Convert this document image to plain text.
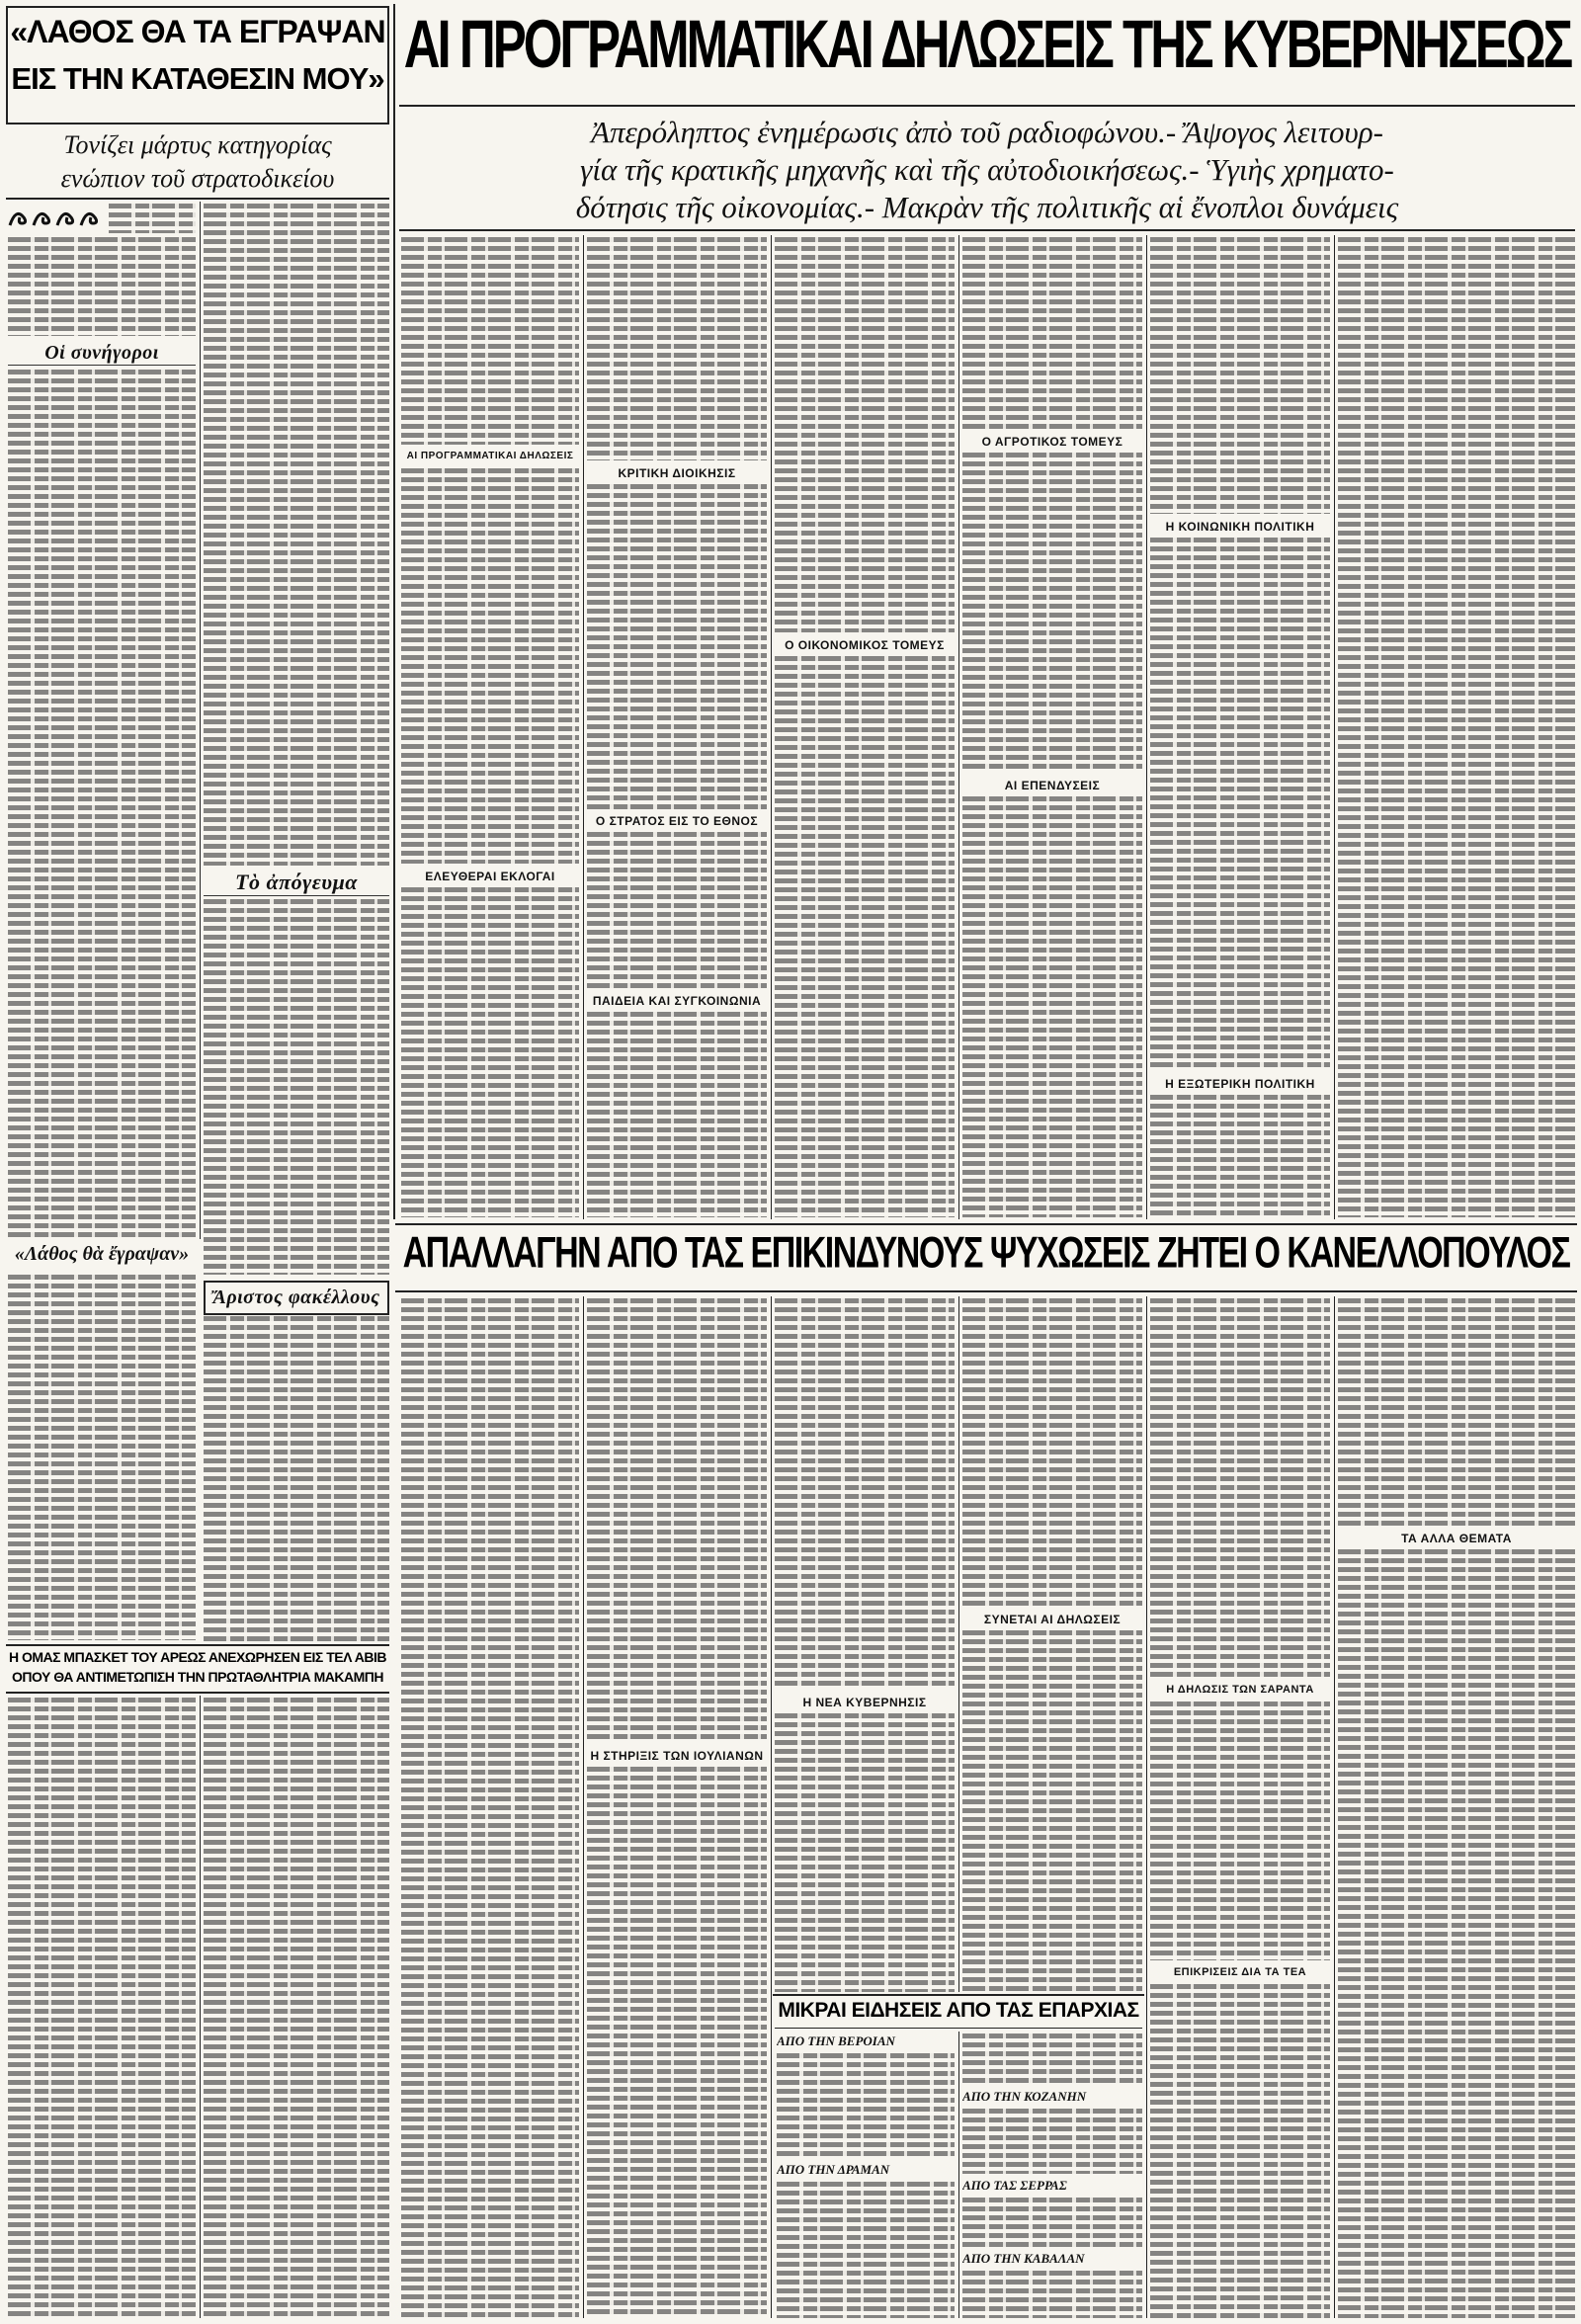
«ΛΑΘΟΣ ΘΑ ΤΑ ΕΓΡΑΨΑΝ
ΕΙΣ ΤΗΝ ΚΑΤΑΘΕΣΙΝ ΜΟΥ»
Τονίζει μάρτυς κατηγορίας
ενώπιον τοῦ στρατοδικείου
ΑΙ ΠΡΟΓΡΑΜΜΑΤΙΚΑΙ ΔΗΛΩΣΕΙΣ ΤΗΣ ΚΥΒΕΡΝΗΣΕΩΣ
Ἀπερόληπτος ἐνημέρωσις ἀπὸ τοῦ ραδιοφώνου.- Ἄψογος λειτουρ-
γία τῆς κρατικῆς μηχανῆς καὶ τῆς αὐτοδιοικήσεως.- Ὑγιὴς χρηματο-
δότησις τῆς οἰκονομίας.- Μακρὰν τῆς πολιτικῆς αἱ ἔνοπλοι δυνάμεις
Οἱ συνήγοροι
Τὸ ἀπόγευμα
«Λάθος θὰ ἔγραψαν»
Ἄριστος φακέλλους
Η ΟΜΑΣ ΜΠΑΣΚΕΤ ΤΟΥ ΑΡΕΩΣ ΑΝΕΧΩΡΗΣΕΝ ΕΙΣ ΤΕΛ ΑΒΙΒ
ΟΠΟΥ ΘΑ ΑΝΤΙΜΕΤΩΠΙΣΗ ΤΗΝ ΠΡΩΤΑΘΛΗΤΡΙΑ ΜΑΚΑΜΠΗ
ΑΙ ΠΡΟΓΡΑΜΜΑΤΙΚΑΙ ΔΗΛΩΣΕΙΣ
ΕΛΕΥΘΕΡΑΙ ΕΚΛΟΓΑΙ
ΚΡΙΤΙΚΗ ΔΙΟΙΚΗΣΙΣ
Ο ΣΤΡΑΤΟΣ ΕΙΣ ΤΟ ΕΘΝΟΣ
ΠΑΙΔΕΙΑ ΚΑΙ ΣΥΓΚΟΙΝΩΝΙΑ
Ο ΟΙΚΟΝΟΜΙΚΟΣ ΤΟΜΕΥΣ
Ο ΑΓΡΟΤΙΚΟΣ ΤΟΜΕΥΣ
ΑΙ ΕΠΕΝΔΥΣΕΙΣ
Η ΚΟΙΝΩΝΙΚΗ ΠΟΛΙΤΙΚΗ
Η ΕΞΩΤΕΡΙΚΗ ΠΟΛΙΤΙΚΗ
ΑΠΑΛΛΑΓΗΝ ΑΠΟ ΤΑΣ ΕΠΙΚΙΝΔΥΝΟΥΣ ΨΥΧΩΣΕΙΣ ΖΗΤΕΙ Ο ΚΑΝΕΛΛΟΠΟΥΛΟΣ
Η ΣΤΗΡΙΞΙΣ ΤΩΝ ΙΟΥΛΙΑΝΩΝ
Η ΝΕΑ ΚΥΒΕΡΝΗΣΙΣ
ΣΥΝΕΤΑΙ ΑΙ ΔΗΛΩΣΕΙΣ
ΜΙΚΡΑΙ ΕΙΔΗΣΕΙΣ ΑΠΟ ΤΑΣ ΕΠΑΡΧΙΑΣ
ΑΠΟ ΤΗΝ ΒΕΡΟΙΑΝ
ΑΠΟ ΤΗΝ ΔΡΑΜΑΝ
ΑΠΟ ΤΗΝ ΚΟΖΑΝΗΝ
ΑΠΟ ΤΑΣ ΣΕΡΡΑΣ
ΑΠΟ ΤΗΝ ΚΑΒΑΛΑΝ
Η ΔΗΛΩΣΙΣ ΤΩΝ ΣΑΡΑΝΤΑ
ΕΠΙΚΡΙΣΕΙΣ ΔΙΑ ΤΑ ΤΕΑ
ΤΑ ΑΛΛΑ ΘΕΜΑΤΑ
